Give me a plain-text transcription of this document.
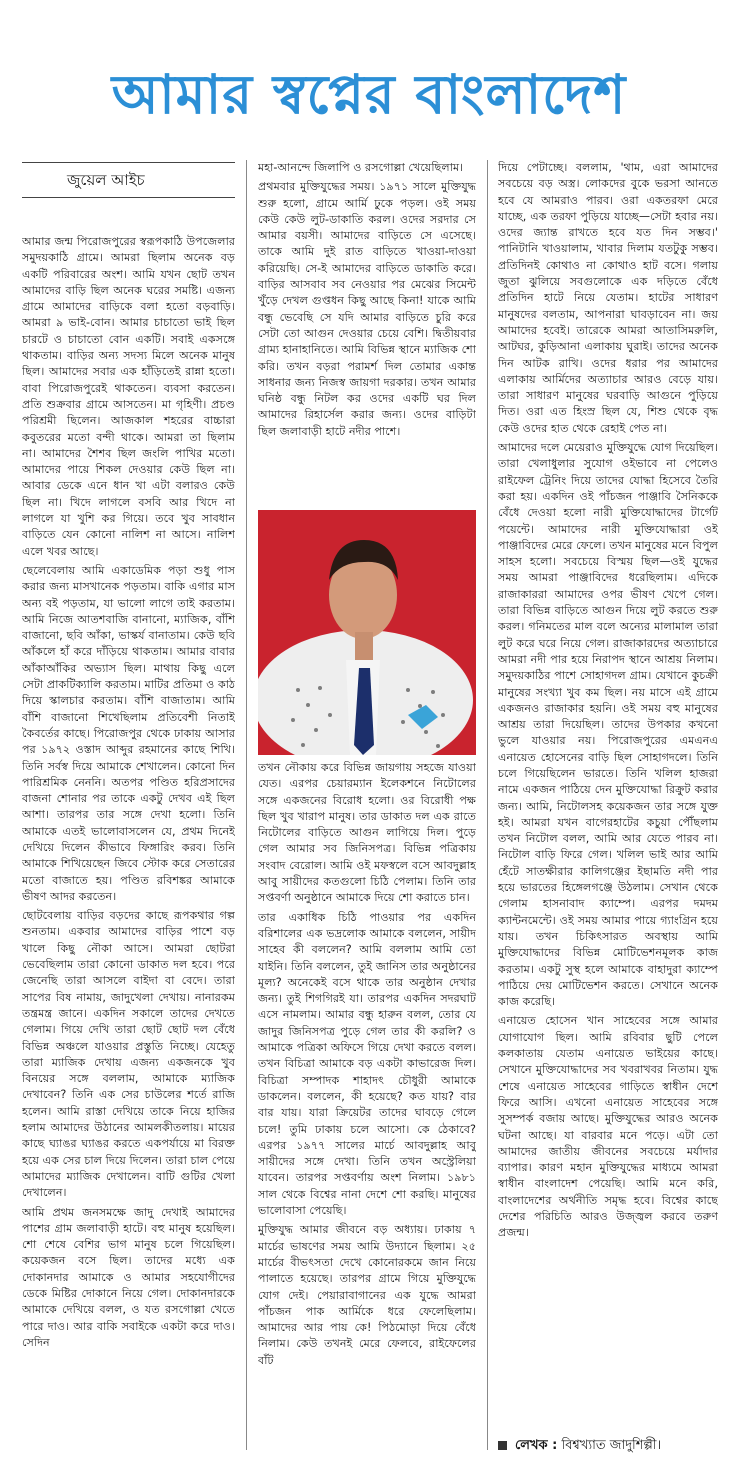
আমার স্বপ্নের বাংলাদেশ
জুয়েল আইচ

আমার জন্ম পিরোজপুরের স্বরূপকাঠি উপজেলার সমুদয়কাঠি গ্রামে। আমরা ছিলাম অনেক বড় একটি পরিবারের অংশ। আমি যখন ছোট তখন আমাদের বাড়ি ছিল অনেক ঘরের সমষ্টি। এজন্য গ্রামে আমাদের বাড়িকে বলা হতো বড়বাড়ি। আমরা ৯ ভাই-বোন। আমার চাচাতো ভাই ছিল চারটে ও চাচাতো বোন একটি। সবাই একসঙ্গে থাকতাম। বাড়ির অন্য সদস্য মিলে অনেক মানুষ ছিল। আমাদের সবার এক হাঁড়িতেই রান্না হতো। বাবা পিরোজপুরেই থাকতেন। ব্যবসা করতেন। প্রতি শুক্রবার গ্রামে আসতেন। মা গৃহিণী। প্রচণ্ড পরিশ্রমী ছিলেন। আজকাল শহরের বাচ্চারা কবুতরের মতো বন্দী থাকে। আমরা তা ছিলাম না। আমাদের শৈশব ছিল জংলি পাখির মতো। আমাদের পায়ে শিকল দেওয়ার কেউ ছিল না। আবার ডেকে এনে ধান খা এটা বলারও কেউ ছিল না। খিদে লাগলে বসবি আর খিদে না লাগলে যা খুশি কর গিয়ে। তবে খুব সাবধান বাড়িতে যেন কোনো নালিশ না আসে। নালিশ এলে খবর আছে।

ছেলেবেলায় আমি একাডেমিক পড়া শুধু পাস করার জন্য মাসখানেক পড়তাম। বাকি এগার মাস অন্য বই পড়তাম, যা ভালো লাগে তাই করতাম। আমি নিজে আতশবাজি বানানো, ম্যাজিক, বাঁশি বাজানো, ছবি আঁকা, ভাস্কর্য বানাতাম। কেউ ছবি আঁকলে হাঁ করে দাঁড়িয়ে থাকতাম। আমার বাবার আঁকাআঁকির অভ্যাস ছিল। মাথায় কিছু এলে সেটা প্রাকটিক্যালি করতাম। মাটির প্রতিমা ও কাঠ দিয়ে স্কালচার করতাম। বাঁশি বাজাতাম। আমি বাঁশি বাজানো শিখেছিলাম প্রতিবেশী নিতাই কৈবর্তের কাছে। পিরোজপুর থেকে ঢাকায় আসার পর ১৯৭২ ওস্তাদ আব্দুর রহমানের কাছে শিখি। তিনি সর্বস্ব দিয়ে আমাকে শেখালেন। কোনো দিন পারিশ্রমিক নেননি। অতপর পণ্ডিত হরিপ্রসাদের বাজনা শোনার পর তাকে একটু দেখব এই ছিল আশা। তারপর তার সঙ্গে দেখা হলো। তিনি আমাকে এতই ভালোবাসলেন যে, প্রথম দিনেই দেখিয়ে দিলেন কীভাবে ফিঙ্গারিং করব। তিনি আমাকে শিখিয়েছেন জিবে স্টোক করে সেতারের মতো বাজাতে হয়। পণ্ডিত রবিশঙ্কর আমাকে ভীষণ আদর করতেন।

ছোটবেলায় বাড়ির বড়দের কাছে রূপকথার গল্প শুনতাম। একবার আমাদের বাড়ির পাশে বড় খালে কিছু নৌকা আসে। আমরা ছোটরা ভেবেছিলাম তারা কোনো ডাকাত দল হবে। পরে জেনেছি তারা আসলে বাইদা বা বেদে। তারা সাপের বিষ নামায়, জাদুখেলা দেখায়। নানারকম তন্ত্রমন্ত্র জানে। একদিন সকালে তাদের দেখতে গেলাম। গিয়ে দেখি তারা ছোট ছোট দল বেঁধে বিভিন্ন অঞ্চলে যাওয়ার প্রস্তুতি নিচ্ছে। যেহেতু তারা ম্যাজিক দেখায় এজন্য একজনকে খুব বিনয়ের সঙ্গে বললাম, আমাকে ম্যাজিক দেখাবেন? তিনি এক সের চাউলের শর্তে রাজি হলেন। আমি রাস্তা দেখিয়ে তাকে নিয়ে হাজির হলাম আমাদের উঠানের আমলকীতলায়। মায়ের কাছে ঘ্যাঙর ঘ্যাঙর করতে একপর্যায়ে মা বিরক্ত হয়ে এক সের চাল দিয়ে দিলেন। তারা চাল পেয়ে আমাদের ম্যাজিক দেখালেন। বাটি গুটির খেলা দেখালেন।

আমি প্রথম জনসমক্ষে জাদু দেখাই আমাদের পাশের গ্রাম জলাবাড়ী হাটে। বহু মানুষ হয়েছিল। শো শেষে বেশির ভাগ মানুষ চলে গিয়েছিল। কয়েকজন বসে ছিল। তাদের মধ্যে এক দোকানদার আমাকে ও আমার সহযোগীদের ডেকে মিষ্টির দোকানে নিয়ে গেল। দোকানদারকে আমাকে দেখিয়ে বলল, ও যত রসগোল্লা খেতে পারে দাও। আর বাকি সবাইকে একটা করে দাও। সেদিন

মহা-আনন্দে জিলাপি ও রসগোল্লা খেয়েছিলাম।

প্রথমবার মুক্তিযুদ্ধের সময়। ১৯৭১ সালে মুক্তিযুদ্ধ শুরু হলো, গ্রামে আর্মি ঢুকে পড়ল। ওই সময় কেউ কেউ লুট-ডাকাতি করল। ওদের সরদার সে আমার বয়সী। আমাদের বাড়িতে সে এসেছে। তাকে আমি দুই রাত বাড়িতে খাওয়া-দাওয়া করিয়েছি। সে-ই আমাদের বাড়িতে ডাকাতি করে। বাড়ির আসবাব সব নেওয়ার পর মেঝের সিমেন্ট খুঁড়ে দেখল গুপ্তধন কিছু আছে কিনা! যাকে আমি বন্ধু ভেবেছি সে যদি আমার বাড়িতে চুরি করে সেটা তো আগুন দেওয়ার চেয়ে বেশি। দ্বিতীয়বার গ্রাম্য হানাহানিতে। আমি বিভিন্ন স্থানে ম্যাজিক শো করি। তখন বড়রা পরামর্শ দিল তোমার একান্ত সাধনার জন্য নিজস্ব জায়গা দরকার। তখন আমার ঘনিষ্ঠ বন্ধু নিটল কর ওদের একটি ঘর দিল আমাদের রিহার্সেল করার জন্য। ওদের বাড়িটা ছিল জলাবাড়ী হাটে নদীর পাশে।

তখন নৌকায় করে বিভিন্ন জায়গায় সহজে যাওয়া যেত। এরপর চেয়ারম্যান ইলেকশনে নিটোলের সঙ্গে একজনের বিরোধ হলো। ওর বিরোধী পক্ষ ছিল খুব খারাপ মানুষ। তার ডাকাত দল এক রাতে নিটোলের বাড়িতে আগুন লাগিয়ে দিল। পুড়ে গেল আমার সব জিনিসপত্র। বিভিন্ন পত্রিকায় সংবাদ বেরোল। আমি ওই মফস্বলে বসে আবদুল্লাহ আবু সায়ীদের কতগুলো চিঠি পেলাম। তিনি তার সপ্তবর্ণা অনুষ্ঠানে আমাকে দিয়ে শো করাতে চান।

তার একাধিক চিঠি পাওয়ার পর একদিন বরিশালের এক ভদ্রলোক আমাকে বললেন, সায়ীদ সাহেব কী বললেন? আমি বললাম আমি তো যাইনি। তিনি বললেন, তুই জানিস তার অনুষ্ঠানের মূল্য? অনেকেই বসে থাকে তার অনুষ্ঠান দেখার জন্য। তুই শিগগিরই যা। তারপর একদিন সদরঘাট এসে নামলাম। আমার বন্ধু হারুন বলল, তোর যে জাদুর জিনিসপত্র পুড়ে গেল তার কী করলি? ও আমাকে পত্রিকা অফিসে গিয়ে দেখা করতে বলল। তখন বিচিত্রা আমাকে বড় একটা কাভারেজ দিল। বিচিত্রা সম্পাদক শাহাদৎ চৌধুরী আমাকে ডাকলেন। বললেন, কী হয়েছে? কত যায়? বার বার যায়। যারা ক্রিয়েটর তাদের ঘাবড়ে গেলে চলে! তুমি ঢাকায় চলে আসো। কে ঠেকাবে? এরপর ১৯৭৭ সালের মার্চে আবদুল্লাহ আবু সায়ীদের সঙ্গে দেখা। তিনি তখন অস্ট্রেলিয়া যাবেন। তারপর সপ্তবর্ণায় অংশ নিলাম। ১৯৮১ সাল থেকে বিশ্বের নানা দেশে শো করছি। মানুষের ভালোবাসা পেয়েছি।

মুক্তিযুদ্ধ আমার জীবনে বড় অধ্যায়। ঢাকায় ৭ মার্চের ভাষণের সময় আমি উদ্যানে ছিলাম। ২৫ মার্চের বীভৎসতা দেখে কোনোরকমে জান নিয়ে পালাতে হয়েছে। তারপর গ্রামে গিয়ে মুক্তিযুদ্ধে যোগ দেই। পেয়ারাবাগানের এক যুদ্ধে আমরা পাঁচজন পাক আর্মিকে ধরে ফেলেছিলাম। আমাদের আর পায় কে! পিঠমোড়া দিয়ে বেঁধে নিলাম। কেউ তখনই মেরে ফেলবে, রাইফেলের বাঁট

দিয়ে পেটাচ্ছে। বললাম, 'থাম, এরা আমাদের সবচেয়ে বড় অস্ত্র। লোকদের বুকে ভরসা আনতে হবে যে আমরাও পারব। ওরা একতরফা মেরে যাচ্ছে, এক তরফা পুড়িয়ে যাচ্ছে—সেটা হবার নয়। ওদের জ্যান্ত রাখতে হবে যত দিন সম্ভব।' পানিটানি খাওয়ালাম, খাবার দিলাম যতটুকু সম্ভব। প্রতিদিনই কোথাও না কোথাও হাট বসে। গলায় জুতা ঝুলিয়ে সবগুলোকে এক দড়িতে বেঁধে প্রতিদিন হাটে নিয়ে যেতাম। হাটের সাধারণ মানুষদের বলতাম, আপনারা ঘাবড়াবেন না। জয় আমাদের হবেই। তারেকে আমরা আতাসিমরুলি, আটঘর, কুড়িআনা এলাকায় ঘুরাই। তাদের অনেক দিন আটক রাখি। ওদের ধরার পর আমাদের এলাকায় আর্মিদের অত্যাচার আরও বেড়ে যায়। তারা সাধারণ মানুষের ঘরবাড়ি আগুনে পুড়িয়ে দিত। ওরা এত হিংস্র ছিল যে, শিশু থেকে বৃদ্ধ কেউ ওদের হাত থেকে রেহাই পেত না।

আমাদের দলে মেয়েরাও মুক্তিযুদ্ধে যোগ দিয়েছিল। তারা খেলাধুলার সুযোগ ওইভাবে না পেলেও রাইফেল ট্রেনিং দিয়ে তাদের যোদ্ধা হিসেবে তৈরি করা হয়। একদিন ওই পাঁচজন পাঞ্জাবি সৈনিককে বেঁধে দেওয়া হলো নারী মুক্তিযোদ্ধাদের টার্গেট পয়েন্টে। আমাদের নারী মুক্তিযোদ্ধারা ওই পাঞ্জাবিদের মেরে ফেলে। তখন মানুষের মনে বিপুল সাহস হলো। সবচেয়ে বিস্ময় ছিল—ওই যুদ্ধের সময় আমরা পাঞ্জাবিদের ধরেছিলাম। এদিকে রাজাকাররা আমাদের ওপর ভীষণ খেপে গেল। তারা বিভিন্ন বাড়িতে আগুন দিয়ে লুট করতে শুরু করল। গনিমতের মাল বলে অন্যের মালামাল তারা লুট করে ঘরে নিয়ে গেল। রাজাকারদের অত্যাচারে আমরা নদী পার হয়ে নিরাপদ স্থানে আশ্রয় নিলাম। সমুদয়কাঠির পাশে সোহাগদল গ্রাম। যেখানে কুচক্রী মানুষের সংখ্যা খুব কম ছিল। নয় মাসে এই গ্রামে একজনও রাজাকার হয়নি। ওই সময় বহু মানুষের আশ্রয় তারা দিয়েছিল। তাদের উপকার কখনো ভুলে যাওয়ার নয়। পিরোজপুরের এমএনএ এনায়েত হোসেনের বাড়ি ছিল সোহাগদলে। তিনি চলে গিয়েছিলেন ভারতে। তিনি খলিল হাজরা নামে একজন পাঠিয়ে দেন মুক্তিযোদ্ধা রিক্রুট করার জন্য। আমি, নিটোলসহ কয়েকজন তার সঙ্গে যুক্ত হই। আমরা যখন বাগেরহাটের কচুয়া পৌঁছলাম তখন নিটোল বলল, আমি আর যেতে পারব না। নিটোল বাড়ি ফিরে গেল। খলিল ভাই আর আমি হেঁটে সাতক্ষীরার কালিগঞ্জের ইছামতি নদী পার হয়ে ভারতের হিঙ্গেলগঞ্জে উঠলাম। সেখান থেকে গেলাম হাসনাবাদ ক্যাম্পে। এরপর দমদম ক্যান্টনমেন্টে। ওই সময় আমার পায়ে গ্যাংগ্রিন হয়ে যায়। তখন চিকিৎসারত অবস্থায় আমি মুক্তিযোদ্ধাদের বিভিন্ন মোটিভেশনমূলক কাজ করতাম। একটু সুস্থ হলে আমাকে বাহাদুরা ক্যাম্পে পাঠিয়ে দেয় মোটিভেশন করতে। সেখানে অনেক কাজ করেছি।

এনায়েত হোসেন খান সাহেবের সঙ্গে আমার যোগাযোগ ছিল। আমি রবিবার ছুটি পেলে কলকাতায় যেতাম এনায়েত ভাইয়ের কাছে। সেখানে মুক্তিযোদ্ধাদের সব খবরাখবর নিতাম। যুদ্ধ শেষে এনায়েত সাহেবের গাড়িতে স্বাধীন দেশে ফিরে আসি। এখনো এনায়েত সাহেবের সঙ্গে সুসম্পর্ক বজায় আছে। মুক্তিযুদ্ধের আরও অনেক ঘটনা আছে। যা বারবার মনে পড়ে। এটা তো আমাদের জাতীয় জীবনের সবচেয়ে মর্যাদার ব্যাপার। কারণ মহান মুক্তিযুদ্ধের মাধ্যমে আমরা স্বাধীন বাংলাদেশ পেয়েছি। আমি মনে করি, বাংলাদেশের অর্থনীতি সমৃদ্ধ হবে। বিশ্বের কাছে দেশের পরিচিতি আরও উজ্জ্বল করবে তরুণ প্রজন্ম।

লেখক : বিশ্বখ্যাত জাদুশিল্পী।
